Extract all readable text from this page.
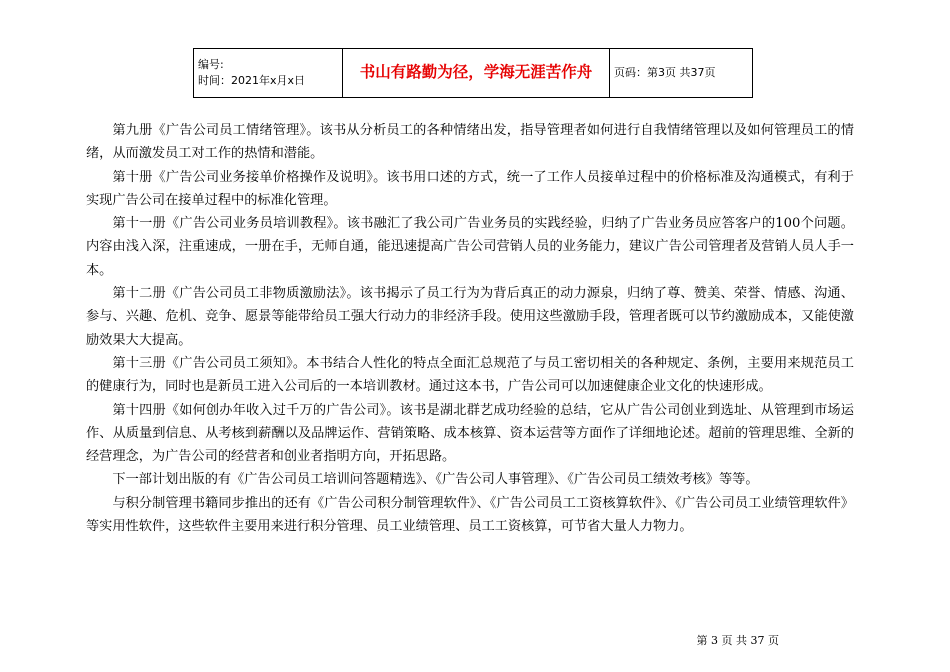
编号:
时间：2021年x月x日	书山有路勤为径，学海无涯苦作舟	页码：第3页 共37页

第九册《广告公司员工情绪管理》。该书从分析员工的各种情绪出发，指导管理者如何进行自我情绪管理以及如何管理员工的情绪，从而激发员工对工作的热情和潜能。

第十册《广告公司业务接单价格操作及说明》。该书用口述的方式，统一了工作人员接单过程中的价格标准及沟通模式，有利于实现广告公司在接单过程中的标准化管理。

第十一册《广告公司业务员培训教程》。该书融汇了我公司广告业务员的实践经验，归纳了广告业务员应答客户的100个问题。内容由浅入深，注重速成，一册在手，无师自通，能迅速提高广告公司营销人员的业务能力，建议广告公司管理者及营销人员人手一本。

第十二册《广告公司员工非物质激励法》。该书揭示了员工行为为背后真正的动力源泉，归纳了尊、赞美、荣誉、情感、沟通、参与、兴趣、危机、竞争、愿景等能带给员工强大行动力的非经济手段。使用这些激励手段，管理者既可以节约激励成本，又能使激励效果大大提高。

第十三册《广告公司员工须知》。本书结合人性化的特点全面汇总规范了与员工密切相关的各种规定、条例，主要用来规范员工的健康行为，同时也是新员工进入公司后的一本培训教材。通过这本书，广告公司可以加速健康企业文化的快速形成。

第十四册《如何创办年收入过千万的广告公司》。该书是湖北群艺成功经验的总结，它从广告公司创业到选址、从管理到市场运作、从质量到信息、从考核到薪酬以及品牌运作、营销策略、成本核算、资本运营等方面作了详细地论述。超前的管理思维、全新的经营理念，为广告公司的经营者和创业者指明方向，开拓思路。

下一部计划出版的有《广告公司员工培训问答题精选》、《广告公司人事管理》、《广告公司员工绩效考核》等等。

与积分制管理书籍同步推出的还有《广告公司积分制管理软件》、《广告公司员工工资核算软件》、《广告公司员工业绩管理软件》等实用性软件，这些软件主要用来进行积分管理、员工业绩管理、员工工资核算，可节省大量人力物力。

第 3 页 共 37 页
